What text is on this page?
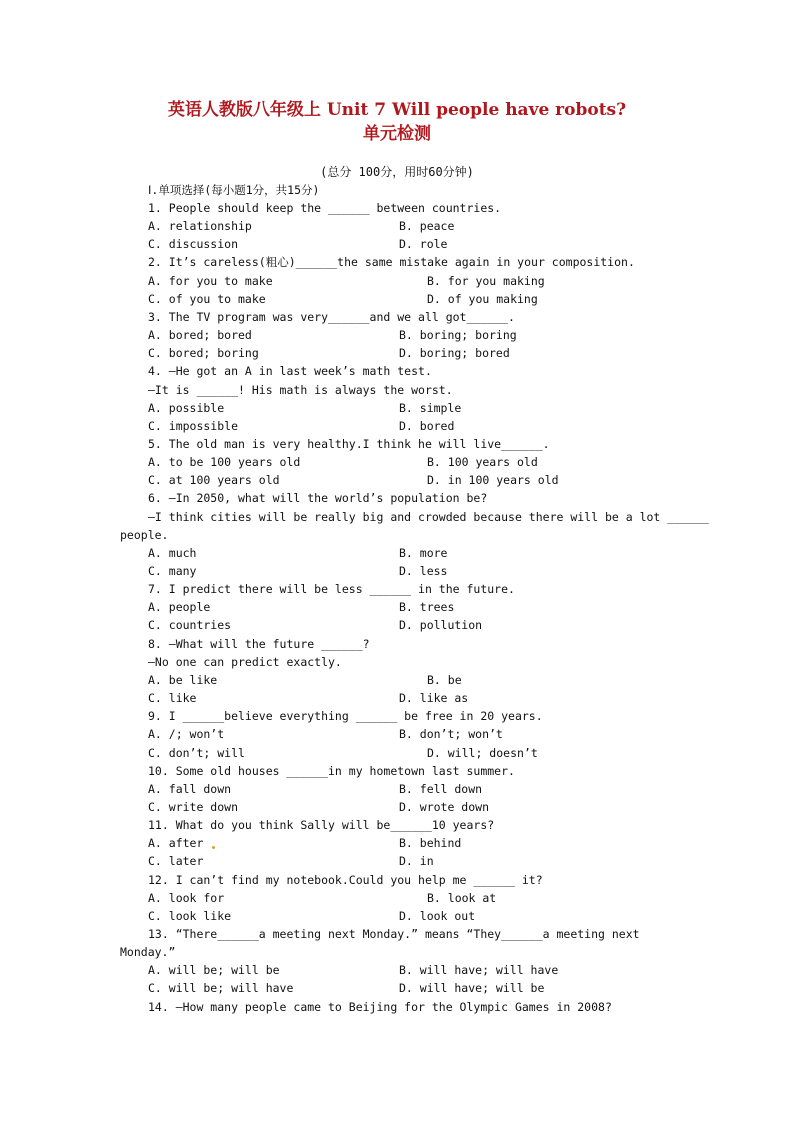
英语人教版八年级上 Unit 7 Will people have robots?
单元检测
(总分 100分，用时60分钟)
Ⅰ.单项选择(每小题1分，共15分)
1. People should keep the ______ between countries.
A. relationship	B. peace
C. discussion	D. role
2. It’s careless(粗心)______the same mistake again in your composition.
A. for you to make	B. for you making
C. of you to make	D. of you making
3. The TV program was very______and we all got______.
A. bored; bored	B. boring; boring
C. bored; boring	D. boring; bored
4. —He got an A in last week’s math test.
—It is ______! His math is always the worst.
A. possible	B. simple
C. impossible	D. bored
5. The old man is very healthy.I think he will live______.
A. to be 100 years old	B. 100 years old
C. at 100 years old	D. in 100 years old
6. —In 2050, what will the world’s population be?
—I think cities will be really big and crowded because there will be a lot ______
people.
A. much	B. more
C. many	D. less
7. I predict there will be less ______ in the future.
A. people	B. trees
C. countries	D. pollution
8. —What will the future ______?
—No one can predict exactly.
A. be like	B. be
C. like	D. like as
9. I ______believe everything ______ be free in 20 years.
A. /; won’t	B. don’t; won’t
C. don’t; will	D. will; doesn’t
10. Some old houses ______in my hometown last summer.
A. fall down	B. fell down
C. write down	D. wrote down
11. What do you think Sally will be______10 years?
A. after	B. behind
C. later	D. in
12. I can’t find my notebook.Could you help me ______ it?
A. look for	B. look at
C. look like	D. look out
13. “There______a meeting next Monday.” means “They______a meeting next
Monday.”
A. will be; will be	B. will have; will have
C. will be; will have	D. will have; will be
14. —How many people came to Beijing for the Olympic Games in 2008?
